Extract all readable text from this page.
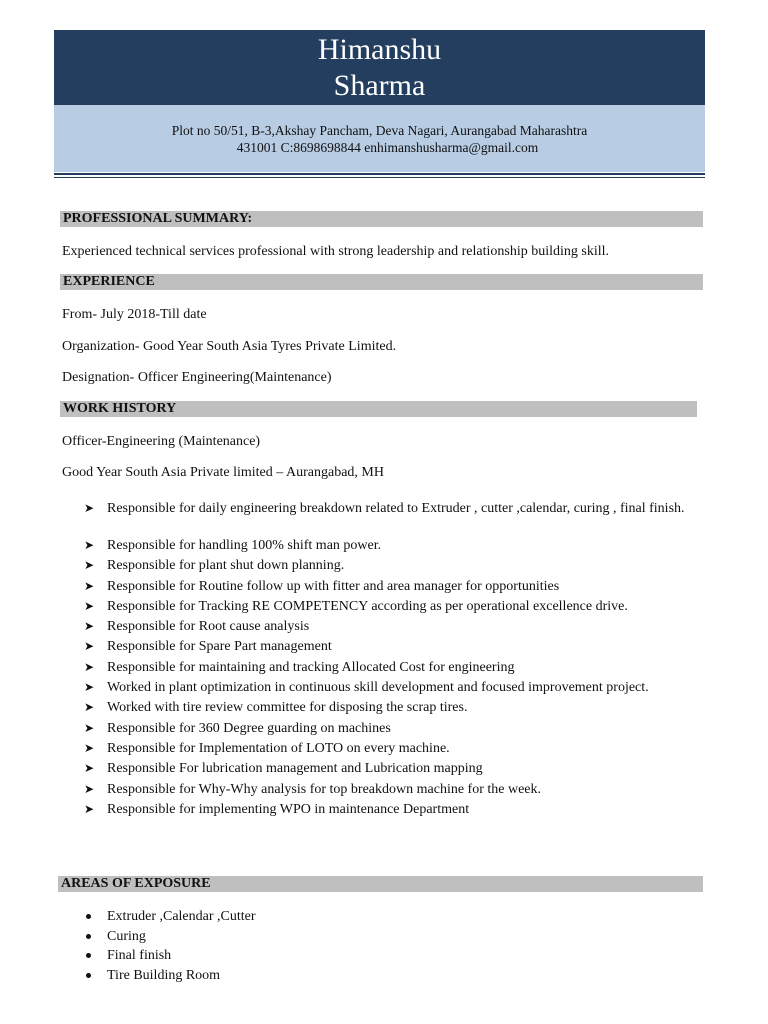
Himanshu
Sharma
Plot no 50/51, B-3,Akshay Pancham, Deva Nagari, Aurangabad Maharashtra
431001 C:8698698844 enhimanshusharma@gmail.com
PROFESSIONAL SUMMARY:
Experienced technical services professional with strong leadership and relationship building skill.
EXPERIENCE
From- July 2018-Till date
Organization- Good Year South Asia Tyres Private Limited.
Designation- Officer Engineering(Maintenance)
WORK HISTORY
Officer-Engineering (Maintenance)
Good Year South Asia Private limited – Aurangabad, MH
➤ Responsible for daily engineering breakdown related to Extruder , cutter ,calendar, curing , final finish.
➤ Responsible for handling 100% shift man power.
➤ Responsible for plant shut down planning.
➤ Responsible for Routine follow up with fitter and area manager for opportunities
➤ Responsible for Tracking RE COMPETENCY according as per operational excellence drive.
➤ Responsible for Root cause analysis
➤ Responsible for Spare Part management
➤ Responsible for maintaining and tracking Allocated Cost for engineering
➤ Worked in plant optimization in continuous skill development and focused improvement project.
➤ Worked with tire review committee for disposing the scrap tires.
➤ Responsible for 360 Degree guarding on machines
➤ Responsible for Implementation of LOTO on every machine.
➤ Responsible For lubrication management and Lubrication mapping
➤ Responsible for Why-Why analysis for top breakdown machine for the week.
➤ Responsible for implementing WPO in maintenance Department
AREAS OF EXPOSURE
Extruder ,Calendar ,Cutter
Curing
Final finish
Tire Building Room
